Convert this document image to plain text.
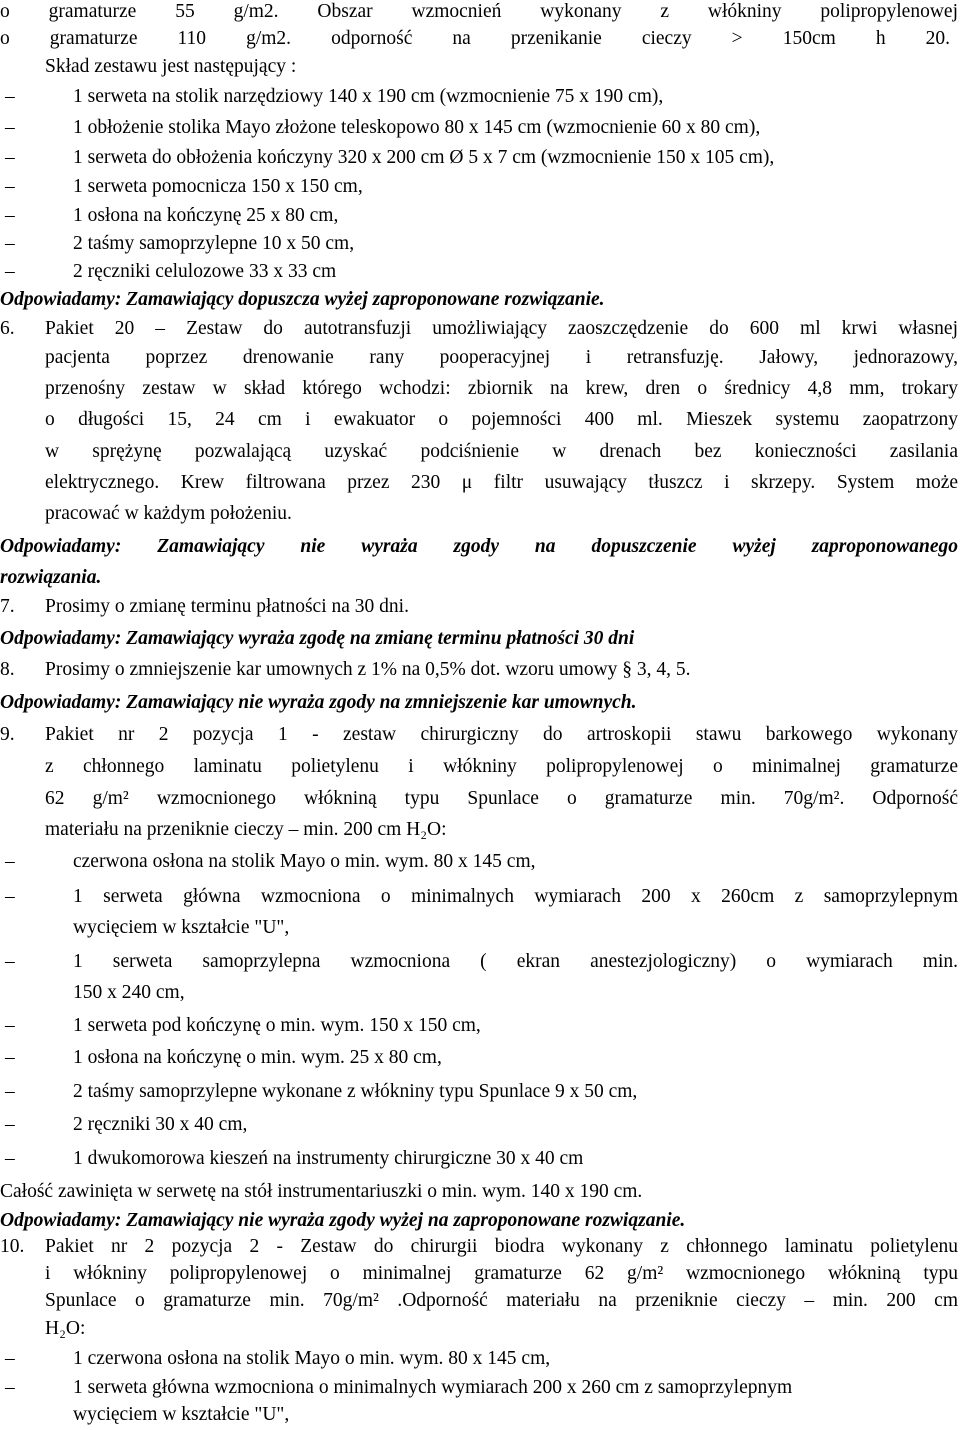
o gramaturze 55 g/m2. Obszar wzmocnień wykonany z włókniny polipropylenowej
o gramaturze 110 g/m2. odporność na przenikanie cieczy > 150cm h 20.
Skład zestawu jest następujący :
–	1 serweta na stolik narzędziowy 140 x 190 cm (wzmocnienie 75 x 190 cm),
–	1 obłożenie stolika Mayo złożone teleskopowo 80 x 145 cm (wzmocnienie 60 x 80 cm),
–	1 serweta do obłożenia kończyny 320 x 200 cm Ø 5 x 7 cm (wzmocnienie 150 x 105 cm),
–	1 serweta pomocnicza 150 x 150 cm,
–	1 osłona na kończynę 25 x 80 cm,
–	2 taśmy samoprzylepne 10 x 50 cm,
–	2 ręczniki celulozowe 33 x 33 cm
Odpowiadamy: Zamawiający dopuszcza wyżej zaproponowane rozwiązanie.
6. Pakiet 20 – Zestaw do autotransfuzji umożliwiający zaoszczędzenie do 600 ml krwi własnej
pacjenta poprzez drenowanie rany pooperacyjnej i retransfuzję. Jałowy, jednorazowy,
przenośny zestaw w skład którego wchodzi: zbiornik na krew, dren o średnicy 4,8 mm, trokary
o długości 15, 24 cm i ewakuator o pojemności 400 ml. Mieszek systemu zaopatrzony
w sprężynę pozwalającą uzyskać podciśnienie w drenach bez konieczności zasilania
elektrycznego. Krew filtrowana przez 230 μ filtr usuwający tłuszcz i skrzepy. System może
pracować w każdym położeniu.
Odpowiadamy: Zamawiający nie wyraża zgody na dopuszczenie wyżej zaproponowanego
rozwiązania.
7. Prosimy o zmianę terminu płatności na 30 dni.
Odpowiadamy: Zamawiający wyraża zgodę na zmianę terminu płatności 30 dni
8. Prosimy o zmniejszenie kar umownych z 1% na 0,5% dot. wzoru umowy § 3, 4, 5.
Odpowiadamy: Zamawiający nie wyraża zgody na zmniejszenie kar umownych.
9. Pakiet nr 2 pozycja 1 - zestaw chirurgiczny do artroskopii stawu barkowego wykonany
z chłonnego laminatu polietylenu i włókniny polipropylenowej o minimalnej gramaturze
62 g/m² wzmocnionego włókniną typu Spunlace o gramaturze min. 70g/m². Odporność
materiału na przeniknie cieczy – min. 200 cm H₂O:
–	czerwona osłona na stolik Mayo o min. wym. 80 x 145 cm,
–	1 serweta główna wzmocniona o minimalnych wymiarach 200 x 260cm z samoprzylepnym
wycięciem w kształcie "U",
–	1 serweta samoprzylepna wzmocniona ( ekran anestezjologiczny) o wymiarach min.
150 x 240 cm,
–	1 serweta pod kończynę o min. wym. 150 x 150 cm,
–	1 osłona na kończynę o min. wym. 25 x 80 cm,
–	2 taśmy samoprzylepne wykonane z włókniny typu Spunlace 9 x 50 cm,
–	2 ręczniki 30 x 40 cm,
–	1 dwukomorowa kieszeń na instrumenty chirurgiczne 30 x 40 cm
Całość zawinięta w serwetę na stół instrumentariuszki o min. wym. 140 x 190 cm.
Odpowiadamy: Zamawiający nie wyraża zgody wyżej na zaproponowane rozwiązanie.
10. Pakiet nr 2 pozycja 2 - Zestaw do chirurgii biodra wykonany z chłonnego laminatu polietylenu
i włókniny polipropylenowej o minimalnej gramaturze 62 g/m² wzmocnionego włókniną typu
Spunlace o gramaturze min. 70g/m² .Odporność materiału na przeniknie cieczy – min. 200 cm
H₂O:
–	1 czerwona osłona na stolik Mayo o min. wym. 80 x 145 cm,
–	1 serweta główna wzmocniona o minimalnych wymiarach 200 x 260 cm z samoprzylepnym
wycięciem w kształcie "U",
